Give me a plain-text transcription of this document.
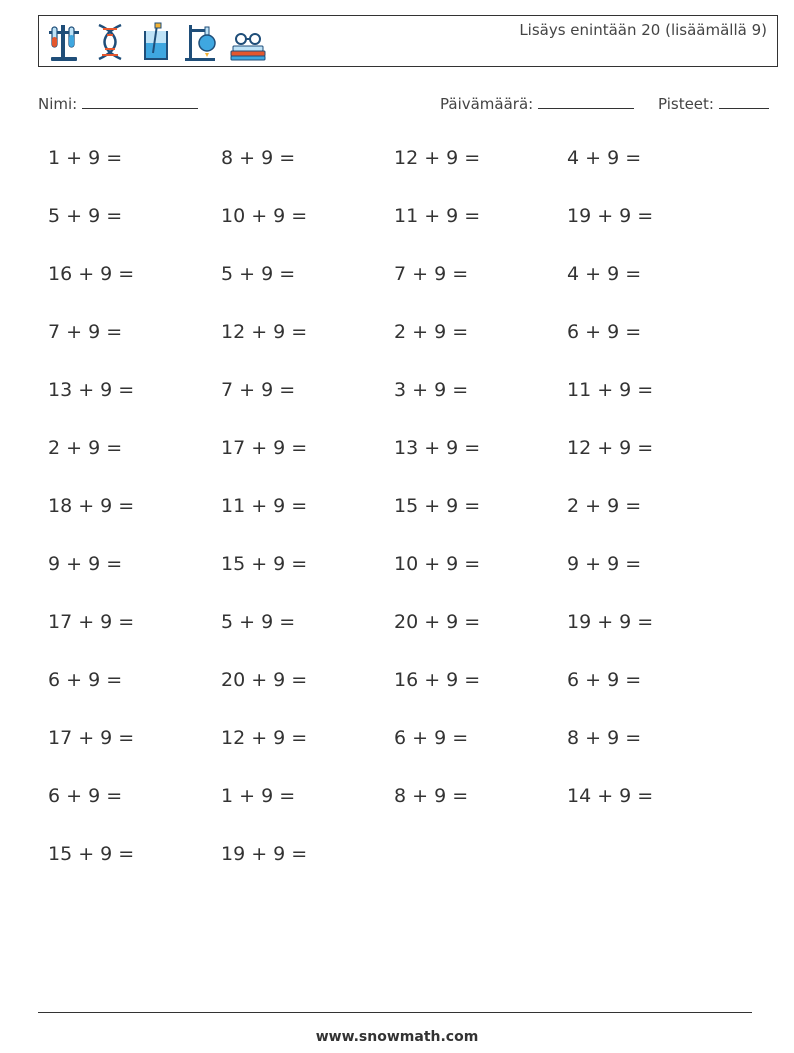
Lisäys enintään 20 (lisäämällä 9)
Nimi:	Päivämäärä:	Pisteet:
1 + 9 =	8 + 9 =	12 + 9 =	4 + 9 =
5 + 9 =	10 + 9 =	11 + 9 =	19 + 9 =
16 + 9 =	5 + 9 =	7 + 9 =	4 + 9 =
7 + 9 =	12 + 9 =	2 + 9 =	6 + 9 =
13 + 9 =	7 + 9 =	3 + 9 =	11 + 9 =
2 + 9 =	17 + 9 =	13 + 9 =	12 + 9 =
18 + 9 =	11 + 9 =	15 + 9 =	2 + 9 =
9 + 9 =	15 + 9 =	10 + 9 =	9 + 9 =
17 + 9 =	5 + 9 =	20 + 9 =	19 + 9 =
6 + 9 =	20 + 9 =	16 + 9 =	6 + 9 =
17 + 9 =	12 + 9 =	6 + 9 =	8 + 9 =
6 + 9 =	1 + 9 =	8 + 9 =	14 + 9 =
15 + 9 =	19 + 9 =
www.snowmath.com
